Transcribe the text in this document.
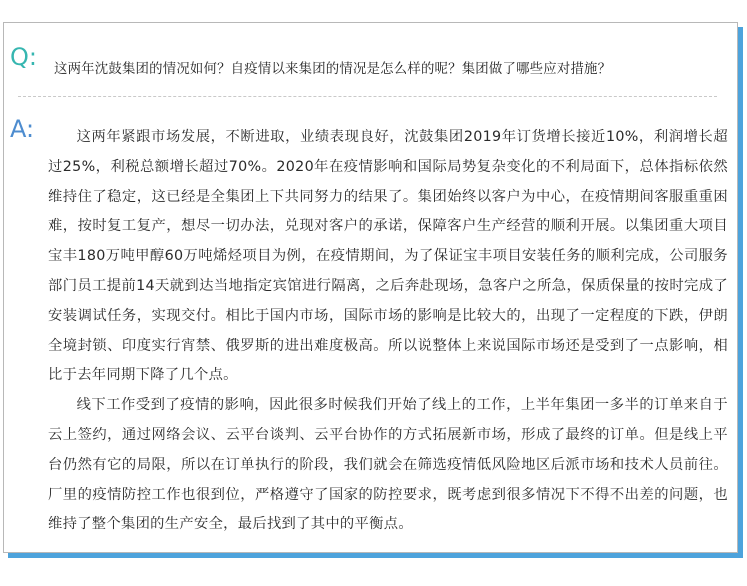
Q: 这两年沈鼓集团的情况如何？自疫情以来集团的情况是怎么样的呢？集团做了哪些应对措施？
A:	这两年紧跟市场发展，不断进取，业绩表现良好，沈鼓集团2019年订货增长接近10%，利润增长超过25%，利税总额增长超过70%。2020年在疫情影响和国际局势复杂变化的不利局面下，总体指标依然维持住了稳定，这已经是全集团上下共同努力的结果了。集团始终以客户为中心，在疫情期间客服重重困难，按时复工复产，想尽一切办法，兑现对客户的承诺，保障客户生产经营的顺利开展。以集团重大项目宝丰180万吨甲醇60万吨烯烃项目为例，在疫情期间，为了保证宝丰项目安装任务的顺利完成，公司服务部门员工提前14天就到达当地指定宾馆进行隔离，之后奔赴现场，急客户之所急，保质保量的按时完成了安装调试任务，实现交付。相比于国内市场，国际市场的影响是比较大的，出现了一定程度的下跌，伊朗全境封锁、印度实行宵禁、俄罗斯的进出难度极高。所以说整体上来说国际市场还是受到了一点影响，相比于去年同期下降了几个点。

线下工作受到了疫情的影响，因此很多时候我们开始了线上的工作，上半年集团一多半的订单来自于云上签约，通过网络会议、云平台谈判、云平台协作的方式拓展新市场，形成了最终的订单。但是线上平台仍然有它的局限，所以在订单执行的阶段，我们就会在筛选疫情低风险地区后派市场和技术人员前往。厂里的疫情防控工作也很到位，严格遵守了国家的防控要求，既考虑到很多情况下不得不出差的问题，也维持了整个集团的生产安全，最后找到了其中的平衡点。
